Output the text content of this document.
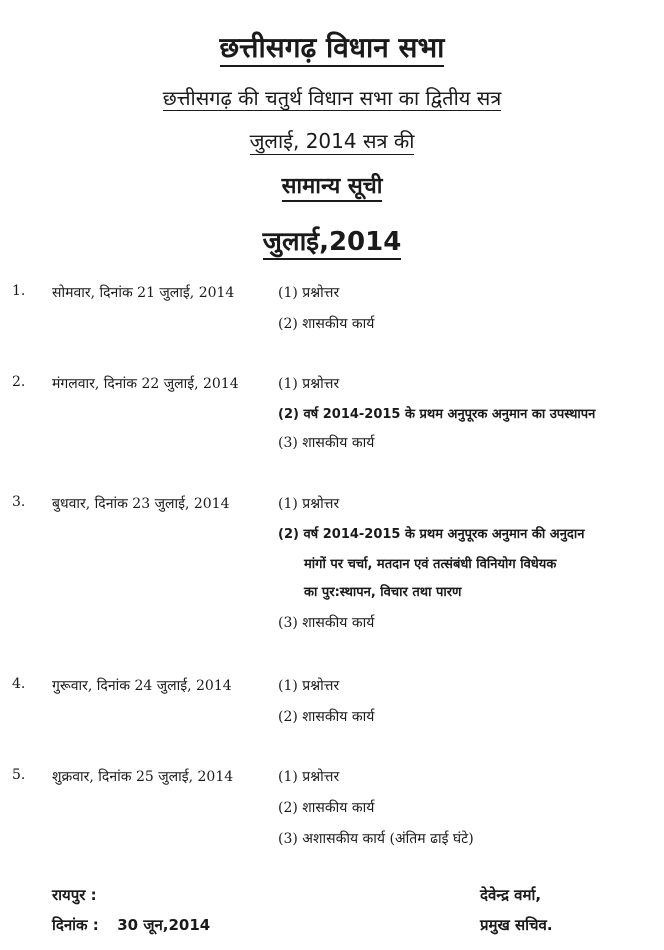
छत्तीसगढ़ विधान सभा
छत्तीसगढ़ की चतुर्थ विधान सभा का द्वितीय सत्र
जुलाई, 2014 सत्र की
सामान्य सूची
जुलाई,2014
1. सोमवार, दिनांक 21 जुलाई, 2014	(1) प्रश्नोत्तर
(2) शासकीय कार्य
2. मंगलवार, दिनांक 22 जुलाई, 2014	(1) प्रश्नोत्तर
(2) वर्ष 2014-2015 के प्रथम अनुपूरक अनुमान का उपस्थापन
(3) शासकीय कार्य
3. बुधवार, दिनांक 23 जुलाई, 2014	(1) प्रश्नोत्तर
(2) वर्ष 2014-2015 के प्रथम अनुपूरक अनुमान की अनुदान
मांगों पर चर्चा, मतदान एवं तत्संबंधी विनियोग विधेयक
का पुर:स्थापन, विचार तथा पारण
(3) शासकीय कार्य
4. गुरूवार, दिनांक 24 जुलाई, 2014	(1) प्रश्नोत्तर
(2) शासकीय कार्य
5. शुक्रवार, दिनांक 25 जुलाई, 2014	(1) प्रश्नोत्तर
(2) शासकीय कार्य
(3) अशासकीय कार्य (अंतिम ढाई घंटे)
रायपुर :
दिनांक : 30 जून,2014
देवेन्द्र वर्मा,
प्रमुख सचिव.
